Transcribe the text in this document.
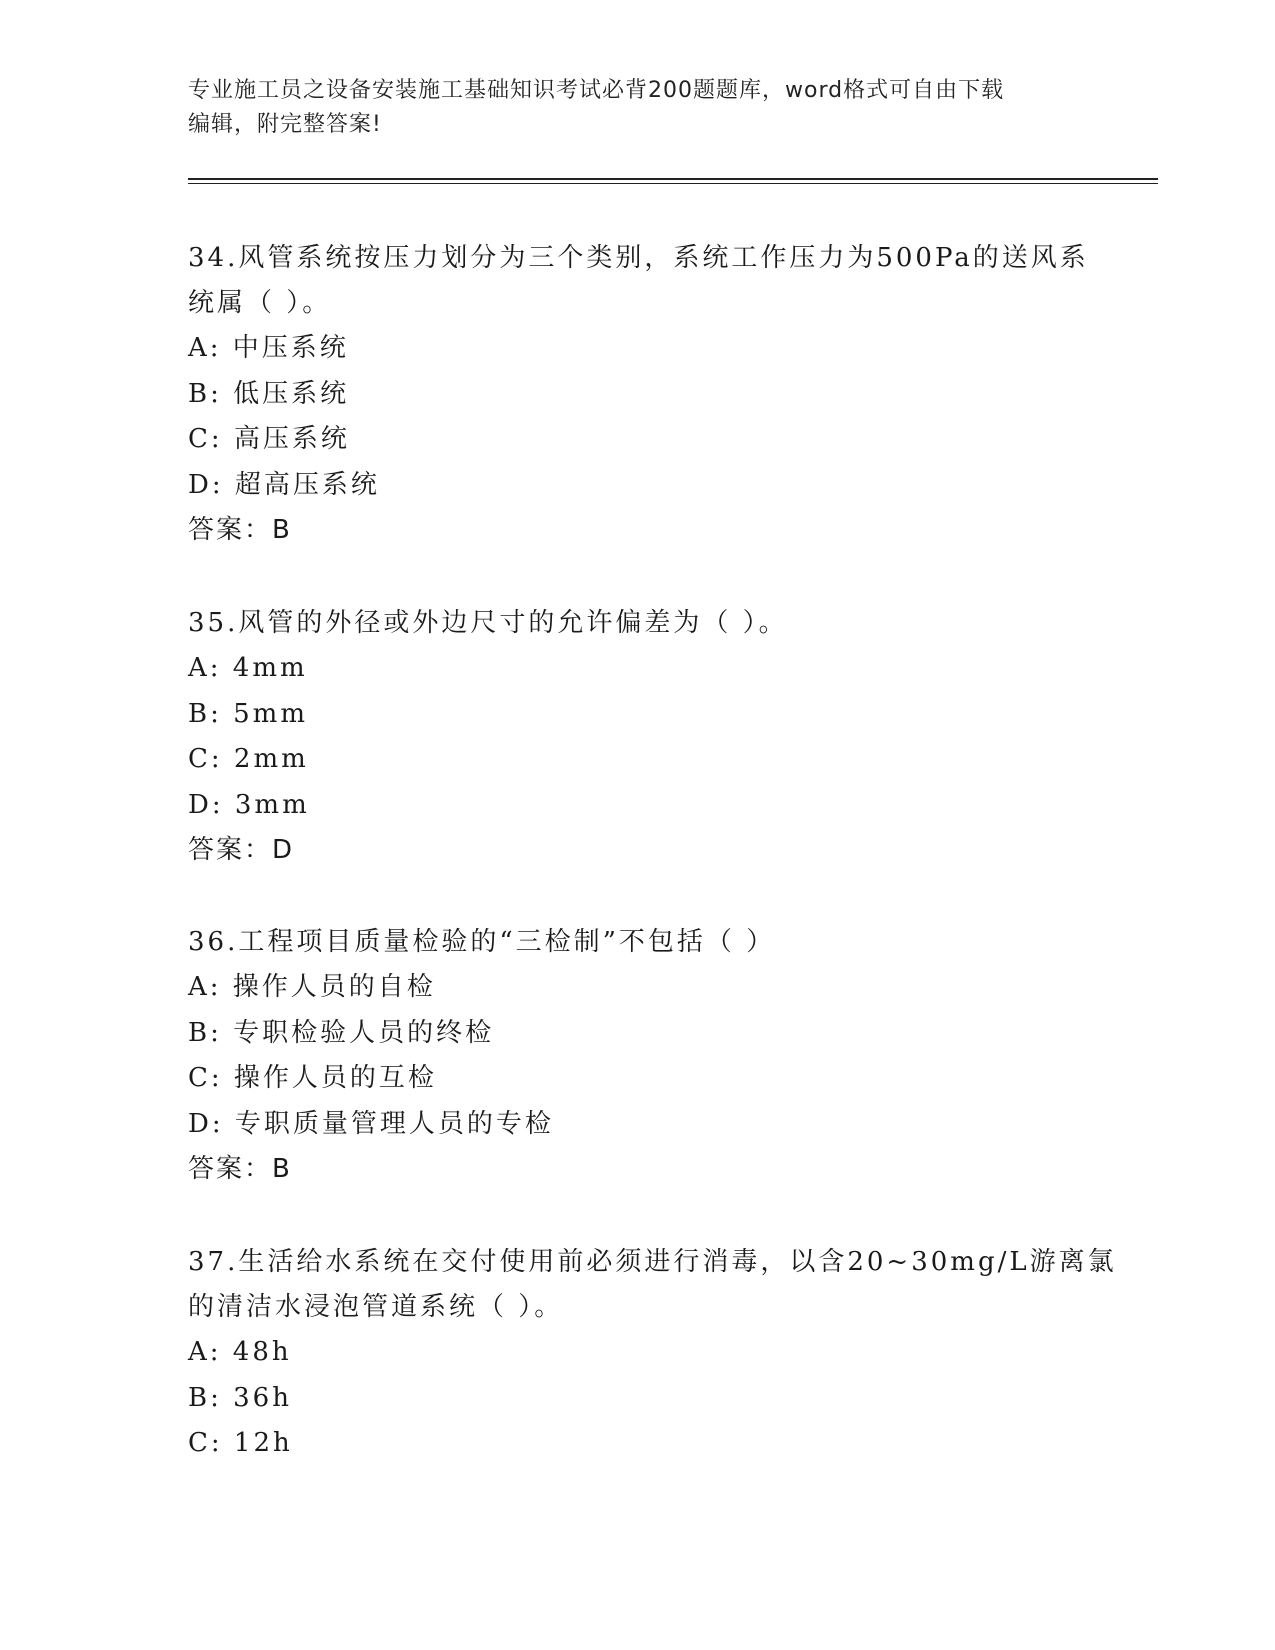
专业施工员之设备安装施工基础知识考试必背200题题库，word格式可自由下载
编辑，附完整答案!
34.风管系统按压力划分为三个类别，系统工作压力为500Pa的送风系
统属（ ）。
A: 中压系统
B: 低压系统
C: 高压系统
D: 超高压系统
答案：B
35.风管的外径或外边尺寸的允许偏差为（ ）。
A: 4mm
B: 5mm
C: 2mm
D: 3mm
答案：D
36.工程项目质量检验的“三检制”不包括（ ）
A: 操作人员的自检
B: 专职检验人员的终检
C: 操作人员的互检
D: 专职质量管理人员的专检
答案：B
37.生活给水系统在交付使用前必须进行消毒，以含20~30mg/L游离氯
的清洁水浸泡管道系统（ ）。
A: 48h
B: 36h
C: 12h
